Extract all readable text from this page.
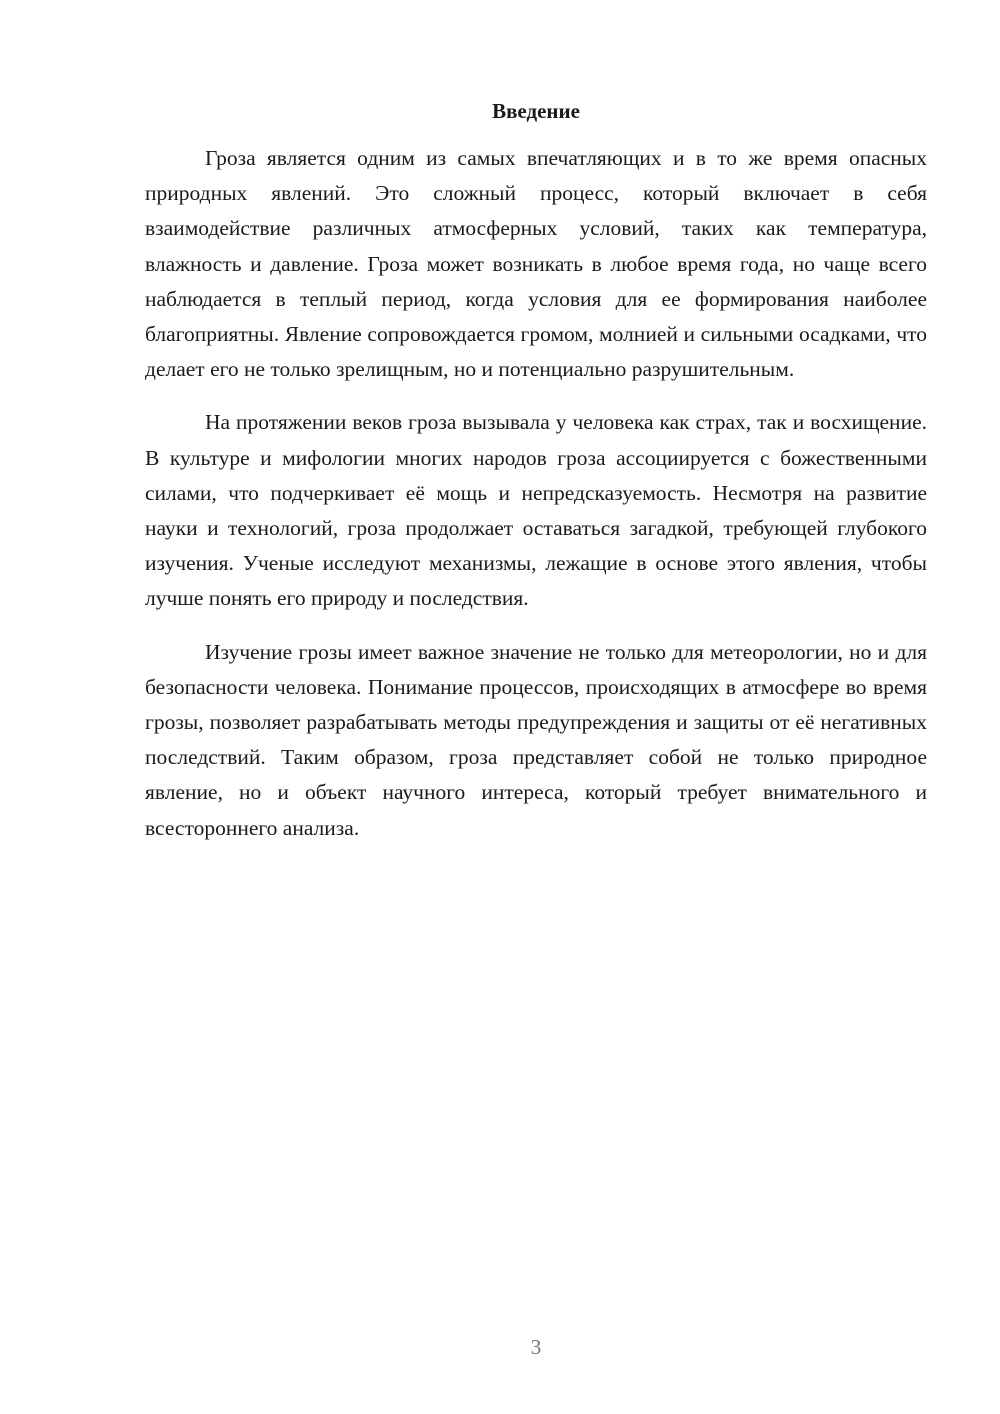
Введение

Гроза является одним из самых впечатляющих и в то же время опасных природных явлений. Это сложный процесс, который включает в себя взаимодействие различных атмосферных условий, таких как температура, влажность и давление. Гроза может возникать в любое время года, но чаще всего наблюдается в теплый период, когда условия для ее формирования наиболее благоприятны. Явление сопровождается громом, молнией и сильными осадками, что делает его не только зрелищным, но и потенциально разрушительным.

На протяжении веков гроза вызывала у человека как страх, так и восхищение. В культуре и мифологии многих народов гроза ассоциируется с божественными силами, что подчеркивает её мощь и непредсказуемость. Несмотря на развитие науки и технологий, гроза продолжает оставаться загадкой, требующей глубокого изучения. Ученые исследуют механизмы, лежащие в основе этого явления, чтобы лучше понять его природу и последствия.

Изучение грозы имеет важное значение не только для метеорологии, но и для безопасности человека. Понимание процессов, происходящих в атмосфере во время грозы, позволяет разрабатывать методы предупреждения и защиты от её негативных последствий. Таким образом, гроза представляет собой не только природное явление, но и объект научного интереса, который требует внимательного и всестороннего анализа.

3
